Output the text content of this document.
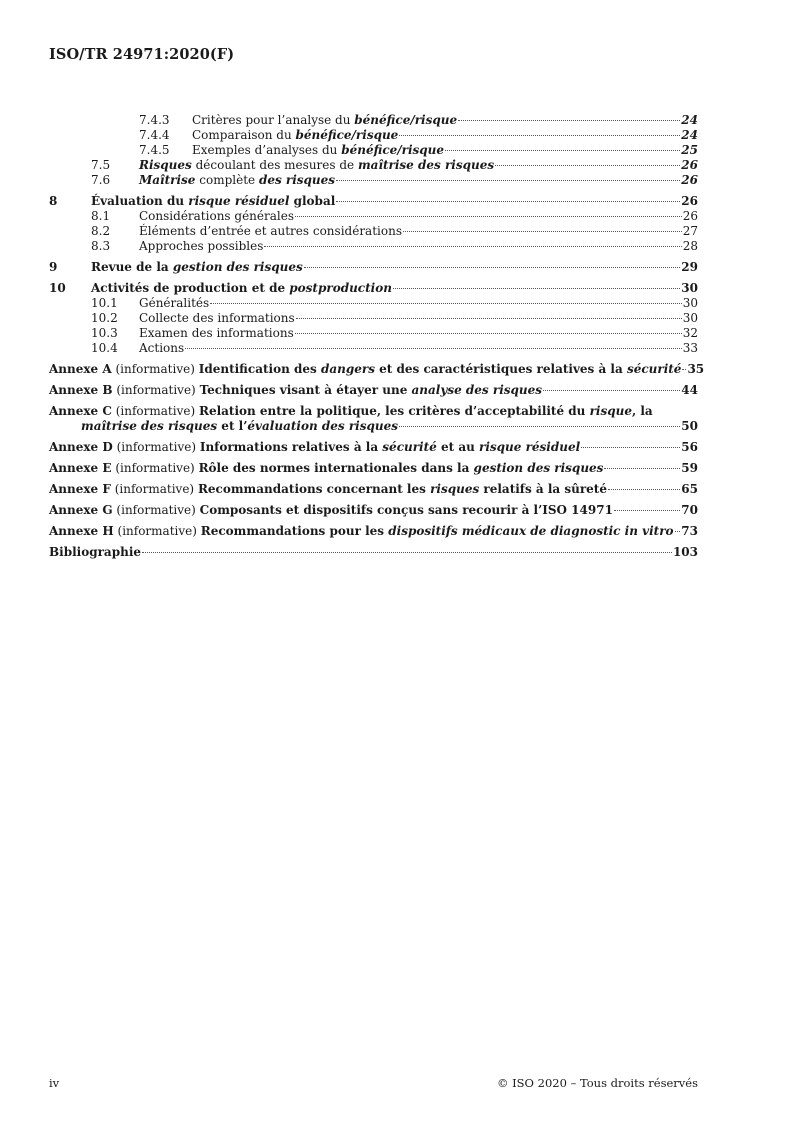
ISO/TR 24971:2020(F)
7.4.3 Critères pour l’analyse du bénéfice/risque	24
7.4.4 Comparaison du bénéfice/risque	24
7.4.5 Exemples d’analyses du bénéfice/risque	25
7.5 Risques découlant des mesures de maîtrise des risques	26
7.6 Maîtrise complète des risques	26
8	Évaluation du risque résiduel global	26
8.1 Considérations générales	26
8.2 Éléments d’entrée et autres considérations	27
8.3 Approches possibles	28
9	Revue de la gestion des risques	29
10 Activités de production et de postproduction	30
10.1 Généralités	30
10.2 Collecte des informations	30
10.3 Examen des informations	32
10.4 Actions	33
Annexe A (informative) Identification des dangers et des caractéristiques relatives à la sécurité 35
Annexe B (informative) Techniques visant à étayer une analyse des risques	44
Annexe C (informative) Relation entre la politique, les critères d’acceptabilité du risque, la
maîtrise des risques et l’évaluation des risques	50
Annexe D (informative) Informations relatives à la sécurité et au risque résiduel	56
Annexe E (informative) Rôle des normes internationales dans la gestion des risques	59
Annexe F (informative) Recommandations concernant les risques relatifs à la sûreté	65
Annexe G (informative) Composants et dispositifs conçus sans recourir à l’ISO 14971	70
Annexe H (informative) Recommandations pour les dispositifs médicaux de diagnostic in vitro 73
Bibliographie	103
iv	© ISO 2020 – Tous droits réservés
